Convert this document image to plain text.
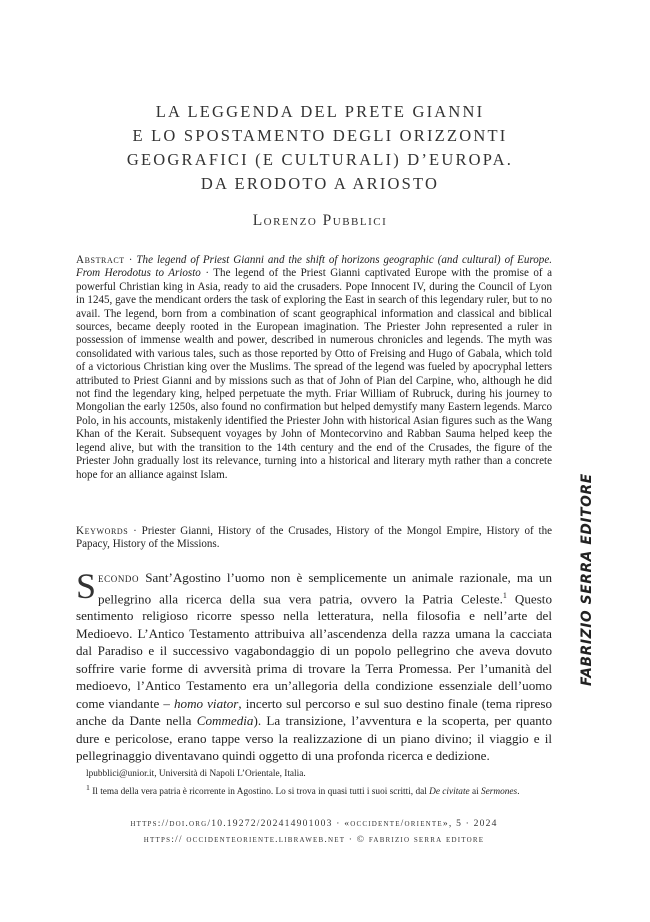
LA LEGGENDA DEL PRETE GIANNI
E LO SPOSTAMENTO DEGLI ORIZZONTI
GEOGRAFICI (E CULTURALI) D’EUROPA.
DA ERODOTO A ARIOSTO
Lorenzo Pubblici
Abstract · The legend of Priest Gianni and the shift of horizons geographic (and cultural) of Europe. From Herodotus to Ariosto · The legend of the Priest Gianni captivated Europe with the promise of a powerful Christian king in Asia, ready to aid the crusaders. Pope Innocent IV, during the Council of Lyon in 1245, gave the mendicant orders the task of exploring the East in search of this legendary ruler, but to no avail. The legend, born from a combination of scant geographical information and classical and biblical sources, became deeply rooted in the European imagination. The Priester John represented a ruler in possession of immense wealth and power, described in numerous chronicles and legends. The myth was consolidated with various tales, such as those reported by Otto of Freising and Hugo of Gabala, which told of a victorious Christian king over the Muslims. The spread of the legend was fueled by apocryphal letters attributed to Priest Gianni and by missions such as that of John of Pian del Carpine, who, although he did not find the legendary king, helped perpetuate the myth. Friar William of Rubruck, during his journey to Mongolian the early 1250s, also found no confirmation but helped demystify many Eastern legends. Marco Polo, in his accounts, mistakenly identified the Priester John with historical Asian figures such as the Wang Khan of the Kerait. Subsequent voyages by John of Montecorvino and Rabban Sauma helped keep the legend alive, but with the transition to the 14th century and the end of the Crusades, the figure of the Priester John gradually lost its relevance, turning into a historical and literary myth rather than a concrete hope for an alliance against Islam.
Keywords · Priester Gianni, History of the Crusades, History of the Mongol Empire, History of the Papacy, History of the Missions.
Secondo Sant’Agostino l’uomo non è semplicemente un animale razionale, ma un pellegrino alla ricerca della sua vera patria, ovvero la Patria Celeste.$^1$ Questo sentimento religioso ricorre spesso nella letteratura, nella filosofia e nell’arte del Medioevo. L’Antico Testamento attribuiva all’ascendenza della razza umana la cacciata dal Paradiso e il successivo vagabondaggio di un popolo pellegrino che aveva dovuto soffrire varie forme di avversità prima di trovare la Terra Promessa. Per l’umanità del medioevo, l’Antico Testamento era un’allegoria della condizione essenziale dell’uomo come viandante – homo viator, incerto sul percorso e sul suo destino finale (tema ripreso anche da Dante nella Commedia). La transizione, l’avventura e la scoperta, per quanto dure e pericolose, erano tappe verso la realizzazione di un piano divino; il viaggio e il pellegrinaggio diventavano quindi oggetto di una profonda ricerca e dedizione.
lpubblici@unior.it, Università di Napoli L’Orientale, Italia.
$^1$ Il tema della vera patria è ricorrente in Agostino. Lo si trova in quasi tutti i suoi scritti, dal De civitate ai Sermones.
https://doi.org/10.19272/202414901003 · «occidente/oriente», 5 · 2024
https:// occidenteoriente.libraweb.net · © fabrizio serra editore
FABRIZIO SERRA EDITORE
